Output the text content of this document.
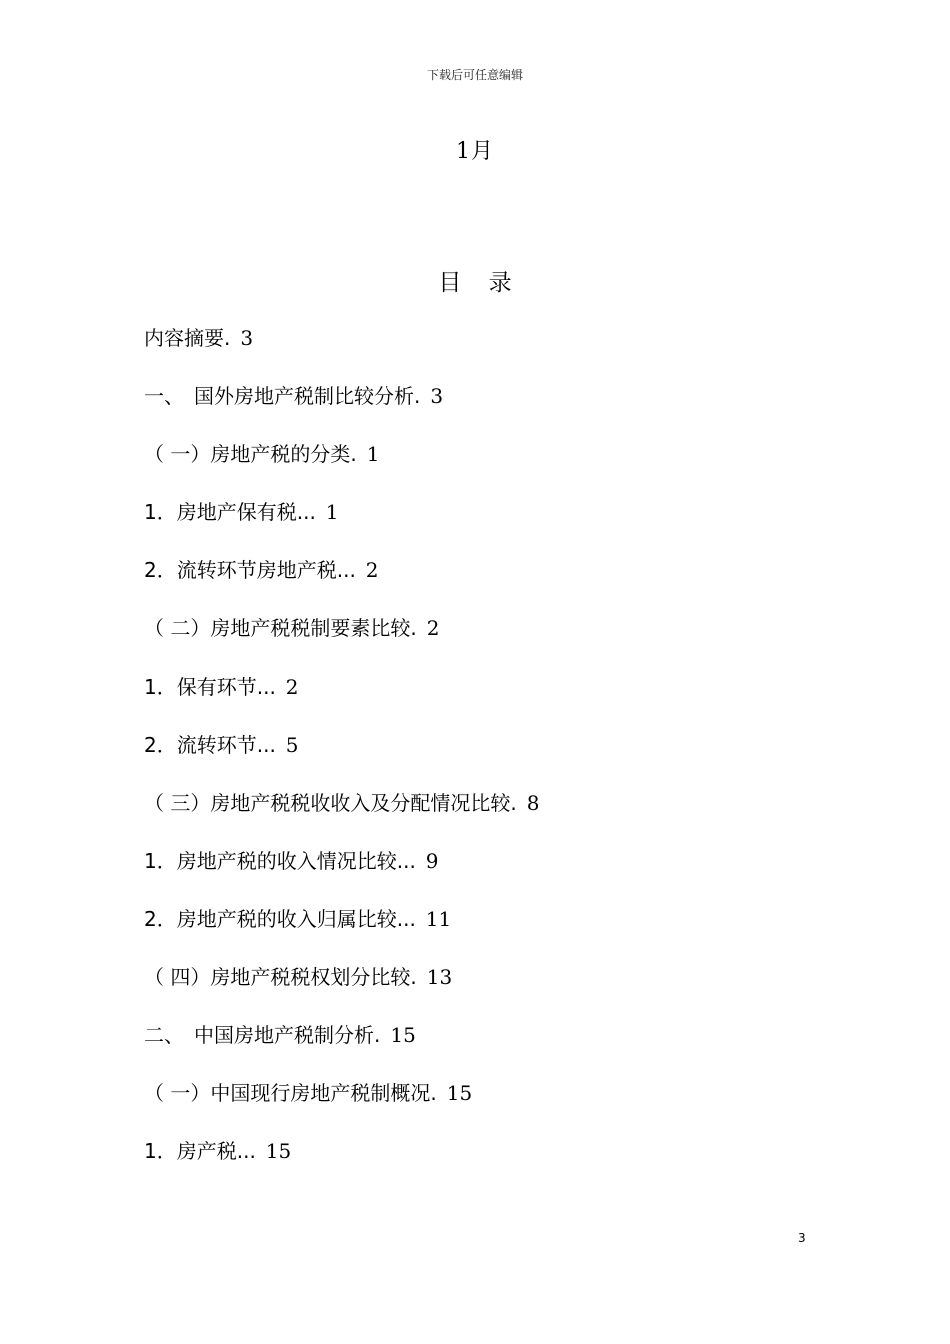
下载后可任意编辑
1月
目 录
内容摘要. 3
一、　国外房地产税制比较分析. 3
（ 一）房地产税的分类. 1
1．房地产保有税... 1
2．流转环节房地产税... 2
（ 二）房地产税税制要素比较. 2
1．保有环节... 2
2．流转环节... 5
（ 三）房地产税税收收入及分配情况比较. 8
1．房地产税的收入情况比较... 9
2．房地产税的收入归属比较... 11
（ 四）房地产税税权划分比较. 13
二、　中国房地产税制分析. 15
（ 一）中国现行房地产税制概况. 15
1．房产税... 15
3
